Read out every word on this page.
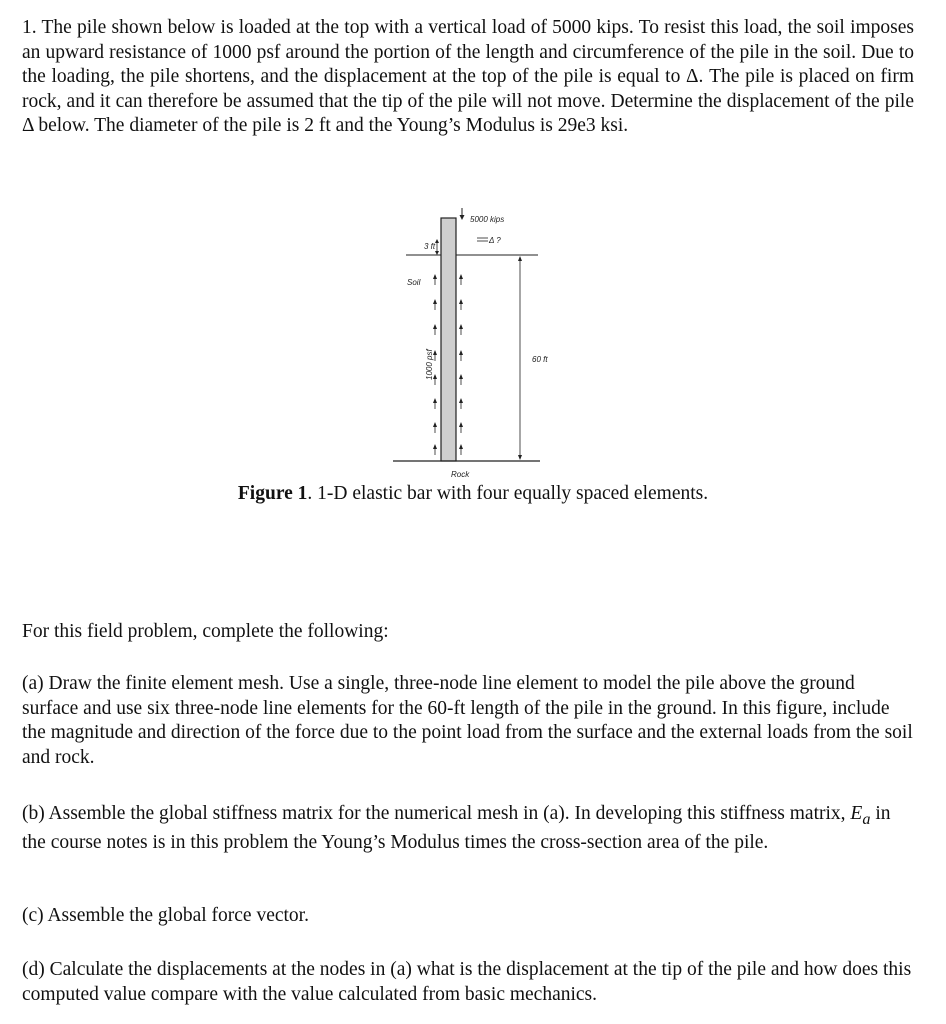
1. The pile shown below is loaded at the top with a vertical load of 5000 kips. To resist this load, the soil imposes an upward resistance of 1000 psf around the portion of the length and circumference of the pile in the soil. Due to the loading, the pile shortens, and the displacement at the top of the pile is equal to Δ. The pile is placed on firm rock, and it can therefore be assumed that the tip of the pile will not move. Determine the displacement of the pile Δ below. The diameter of the pile is 2 ft and the Young’s Modulus is 29e3 ksi.

5000 kips
Δ ?
3 ft
Soil
1000 psf	60 ft
Rock
Figure 1. 1-D elastic bar with four equally spaced elements.

For this field problem, complete the following:

(a) Draw the finite element mesh. Use a single, three-node line element to model the pile above the ground surface and use six three-node line elements for the 60-ft length of the pile in the ground. In this figure, include the magnitude and direction of the force due to the point load from the surface and the external loads from the soil and rock.

(b) Assemble the global stiffness matrix for the numerical mesh in (a). In developing this stiffness matrix, $E_a$ in the course notes is in this problem the Young’s Modulus times the cross-section area of the pile.

(c) Assemble the global force vector.

(d) Calculate the displacements at the nodes in (a) what is the displacement at the tip of the pile and how does this computed value compare with the value calculated from basic mechanics.
